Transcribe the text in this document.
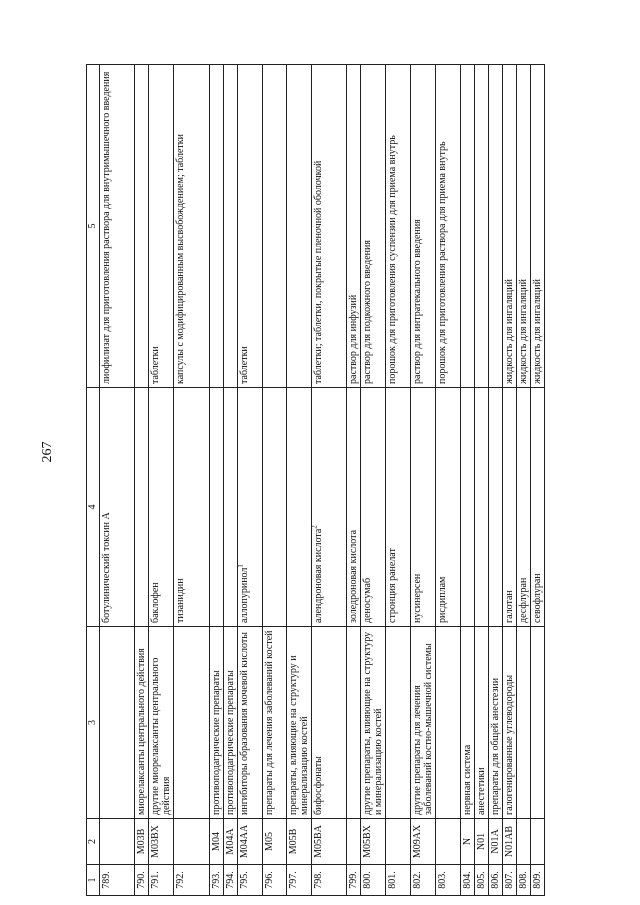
267
1	2	3	4	5
789.			ботулинический токсин А	лиофилизат для приготовления раствора для внутримышечного введения
790.	M03B	миорелаксанты центрального действия		
791.	M03BX	другие миорелаксанты центрального действия	баклофен	таблетки
792.			тизанидин	капсулы с модифицированным высвобождением; таблетки
793.	M04	противоподагрические препараты		
794.	M04A	противоподагрические препараты		
795.	M04AA	ингибиторы образования мочевой кислоты	аллопуринол$^1$	таблетки
796.	M05	препараты для лечения заболеваний костей		
797.	M05B	препараты, влияющие на структуру и минерализацию костей		
798.	M05BA	бифосфонаты	алендроновая кислота$^2$	таблетки; таблетки, покрытые пленочной оболочкой
799.			золедроновая кислота	раствор для инфузий
800.	M05BX	другие препараты, влияющие на структуру и минерализацию костей	деносумаб	раствор для подкожного введения
801.			стронция ранелат	порошок для приготовления суспензии для приема внутрь
802.	M09AX	другие препараты для лечения заболеваний костно-мышечной системы	нусинерсен	раствор для интратекального введения
803.			рисдиплам	порошок для приготовления раствора для приема внутрь
804.	N	нервная система		
805.	N01	анестетики		
806.	N01A	препараты для общей анестезии		
807.	N01AB	галогенированные углеводороды	галотан	жидкость для ингаляций
808.			десфлуран	жидкость для ингаляций
809.			севофлуран	жидкость для ингаляций
